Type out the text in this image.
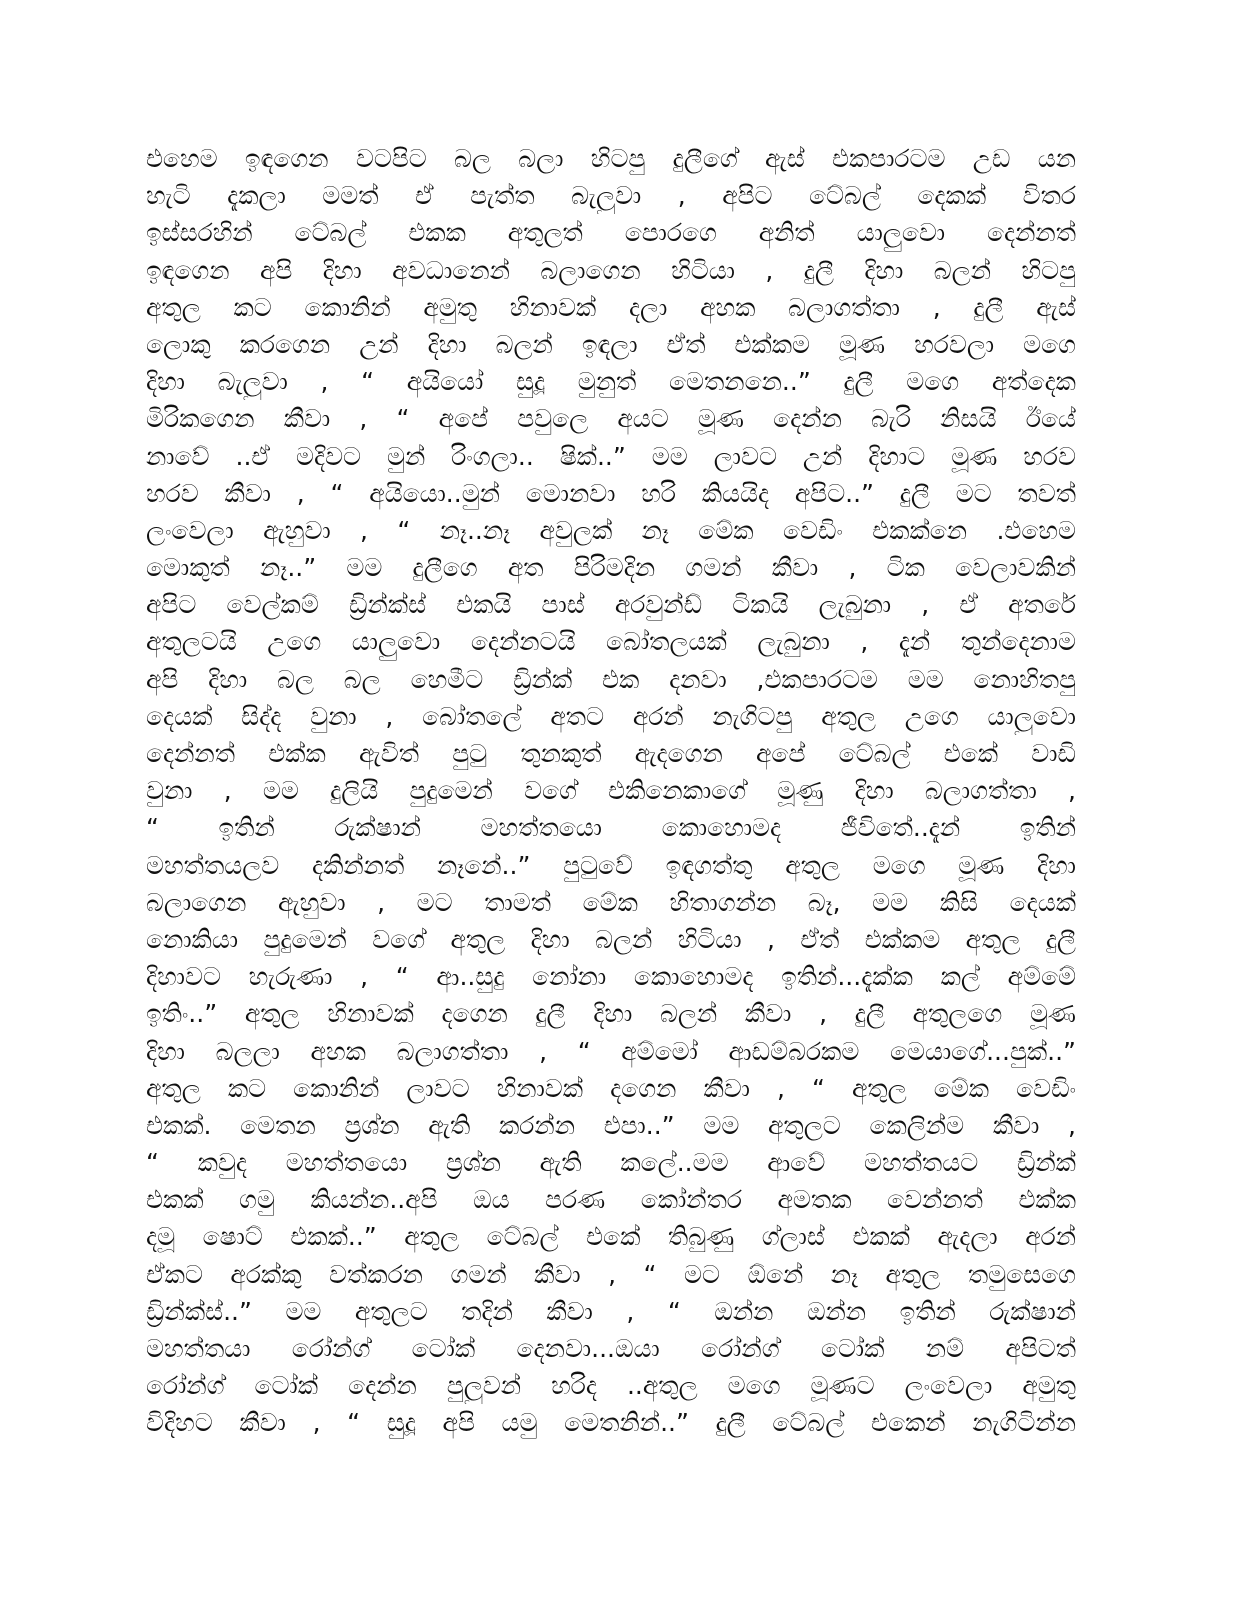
එහෙම ඉඳගෙන වටපිට බල බලා හිටපු දුලීගේ ඇස් එකපාරටම උඩ යන
හැටි දැකලා මමත් ඒ පැත්ත බැලුවා , අපිට ටේබල් දෙකක් විතර
ඉස්සරහින් ටේබල් එකක අතුලත් පොරගෙ අනිත් යාලුවො දෙන්නත්
ඉඳගෙන අපි දිහා අවධානෙන් බලාගෙන හිටියා , දුලී දිහා බලන් හිටපු
අතුල කට කොනින් අමුතු හිනාවක් දලා අහක බලාගත්තා , දුලී ඇස්
ලොකු කරගෙන උන් දිහා බලන් ඉඳලා ඒත් එක්කම මූණ හරවලා මගෙ
දිහා බැලුවා , “ අයියෝ සුදූ මුනුත් මෙතනනෙ..” දුලී මගෙ අත්දෙක
මිරිකගෙන කීවා , “ අපේ පවුලෙ අයට මූණ දෙන්න බැරි නිසයි ඊයේ
නාවේ ..ඒ මදිවට මුන් රිංගලා.. ෂික්..” මම ලාවට උන් දිහාට මූණ හරව
හරව කීවා , “ අයියො..මුන් මොනවා හරි කියයිද අපිට..” දුලී මට තවත්
ලංවෙලා ඇහුවා , “ නෑ..නෑ අවුලක් නෑ මේක වෙඩිං එකක්නෙ .එහෙම
මොකුත් නෑ..” මම දුලීගෙ අත පිරිමදින ගමන් කීවා , ටික වෙලාවකින්
අපිට වෙල්කම් ඩ්‍රින්ක්ස් එකයි පාස් අරවුන්ඩ් ටිකයි ලැබුනා , ඒ අතරේ
අතුලටයි උගෙ යාලුවො දෙන්නටයි බෝතලයක් ලැබුනා , දැන් තුන්දෙනාම
අපි දිහා බල බල හෙමීට ඩ්‍රින්ක් එක දනවා ,එකපාරටම මම නොහිතපු
දෙයක් සිද්ද වුනා , බෝතලේ අතට අරන් නැගිටපු අතුල උගෙ යාලුවො
දෙන්නත් එක්ක ඇවිත් පුටු තුනකුත් ඇදගෙන අපේ ටේබල් එකේ වාඩි
වුනා , මම දුලියි පුදුමෙන් වගේ එකිනෙකාගේ මූණු දිහා බලාගත්තා ,
“ ඉතින් රුක්ෂාන් මහත්තයො කොහොමද ජීවිතේ..දැන් ඉතින්
මහත්තයලව දකින්නත් නෑනේ..” පුටුවේ ඉඳගත්තු අතුල මගෙ මූණ දිහා
බලාගෙන ඇහුවා , මට තාමත් මේක හිතාගන්න බෑ, මම කිසි දෙයක්
නොකියා පුදුමෙන් වගේ අතුල දිහා බලන් හිටියා , ඒත් එක්කම අතුල දුලී
දිහාවට හැරුණා , “ ආ..සුදු නෝනා කොහොමද ඉතින්...දැක්ක කල් අම්මේ
ඉතිං..” අතුල හිනාවක් දගෙන දුලී දිහා බලන් කීවා , දුලී අතුලගෙ මූණ
දිහා බලලා අහක බලාගත්තා , “ අම්මෝ ආඩම්බරකම මෙයාගේ...පුක්..”
අතුල කට කොනින් ලාවට හිනාවක් දගෙන කීවා , “ අතුල මේක වෙඩිං
එකක්. මෙතන ප්‍රශ්න ඇති කරන්න එපා..” මම අතුලට කෙලින්ම කීවා ,
“ කවුද මහත්තයො ප්‍රශ්න ඇති කලේ..මම ආවේ මහත්තයට ඩ්‍රින්ක්
එකක් ගමු කියන්න..අපි ඔය පරණ කෝන්තර අමතක වෙන්නත් එක්ක
දමූ ෂොට් එකක්..” අතුල ටේබල් එකේ තිබුණු ග්ලාස් එකක් ඇදලා අරන්
ඒකට අරක්කු වත්කරන ගමන් කීවා , “ මට ඕනේ නෑ අතුල තමුසෙගෙ
ඩ්‍රින්ක්ස්..” මම අතුලට තදින් කීවා , “ ඔන්න ඔන්න ඉතින් රුක්ෂාන්
මහත්තයා රෝන්ග් ටෝක් දෙනවා...ඔයා රෝන්ග් ටෝක් නම් අපිටත්
රෝන්ග් ටෝක් දෙන්න පුලුවන් හරිද ..අතුල මගෙ මූණට ලංවෙලා අමුතු
විදිහට කීවා , “ සුදූ අපි යමු මෙතනින්..” දුලී ටේබල් එකෙන් නැගිටින්න
